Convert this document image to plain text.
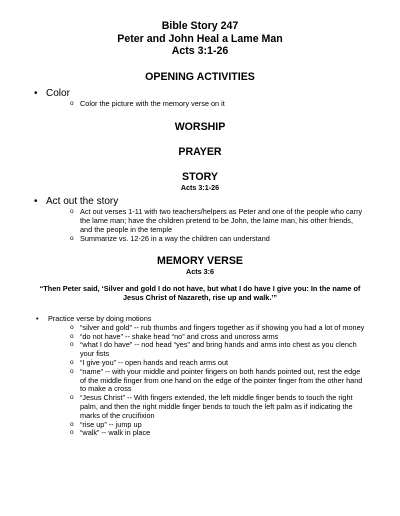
Bible Story 247
Peter and John Heal a Lame Man
Acts 3:1-26
OPENING ACTIVITIES
• Color
o Color the picture with the memory verse on it
WORSHIP
PRAYER
STORY
Acts 3:1-26
• Act out the story
o Act out verses 1-11 with two teachers/helpers as Peter and one of the people who carry the lame man; have the children pretend to be John, the lame man, his other friends, and the people in the temple
o Summarize vs. 12-26 in a way the children can understand
MEMORY VERSE
Acts 3:6
“Then Peter said, ‘Silver and gold I do not have, but what I do have I give you: In the name of Jesus Christ of Nazareth, rise up and walk.’”
• Practice verse by doing motions
o “silver and gold” -- rub thumbs and fingers together as if showing you had a lot of money
o “do not have” -- shake head “no” and cross and uncross arms
o “what I do have” -- nod head “yes” and bring hands and arms into chest as you clench your fists
o “I give you” -- open hands and reach arms out
o “name” -- with your middle and pointer fingers on both hands pointed out, rest the edge of the middle finger from one hand on the edge of the pointer finger from the other hand to make a cross
o “Jesus Christ” -- With fingers extended, the left middle finger bends to touch the right palm, and then the right middle finger bends to touch the left palm as if indicating the marks of the crucifixion
o “rise up” -- jump up
o “walk” -- walk in place
